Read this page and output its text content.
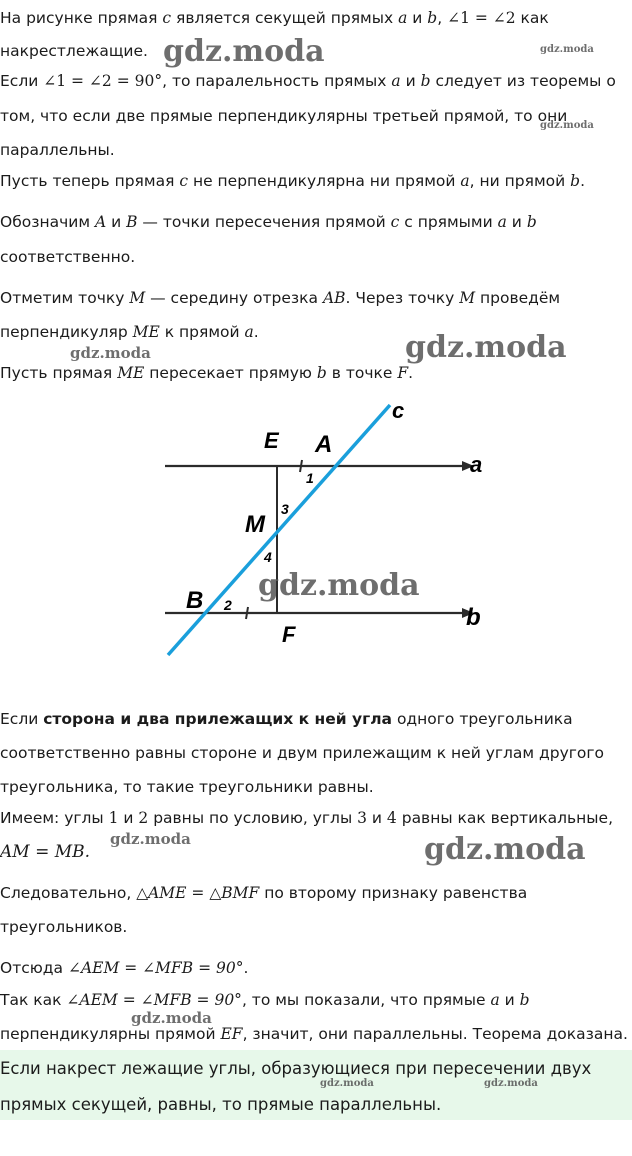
На рисунке прямая c является секущей прямых a и b, ∠1 = ∠2 как
накрестлежащие.
Если ∠1 = ∠2 = 90°, то паралельность прямых a и b следует из теоремы о
том, что если две прямые перпендикулярны третьей прямой, то они
параллельны.
Пусть теперь прямая c не перпендикулярна ни прямой a, ни прямой b.
Обозначим A и B — точки пересечения прямой c с прямыми a и b
соответственно.
Отметим точку M — середину отрезка AB. Через точку M проведём
перпендикуляр ME к прямой a.
Пусть прямая ME пересекает прямую b в точке F.
c
E A
a
1
3
M
4
B 2	b
F
Если сторона и два прилежащих к ней угла одного треугольника
соответственно равны стороне и двум прилежащим к ней углам другого
треугольника, то такие треугольники равны.
Имеем: углы 1 и 2 равны по условию, углы 3 и 4 равны как вертикальные,
AM = MB.
Следовательно, △AME = △BMF по второму признаку равенства
треугольников.
Отсюда ∠AEM = ∠MFB = 90°.
Так как ∠AEM = ∠MFB = 90°, то мы показали, что прямые a и b
перпендикулярны прямой EF, значит, они параллельны. Теорема доказана.
Если накрест лежащие углы, образующиеся при пересечении двух
прямых секущей, равны, то прямые параллельны.
gdz.moda	gdz.moda
gdz.moda
gdz.moda	gdz.moda
gdz.moda
gdz.moda	gdz.moda
gdz.moda
gdz.moda	gdz.moda
